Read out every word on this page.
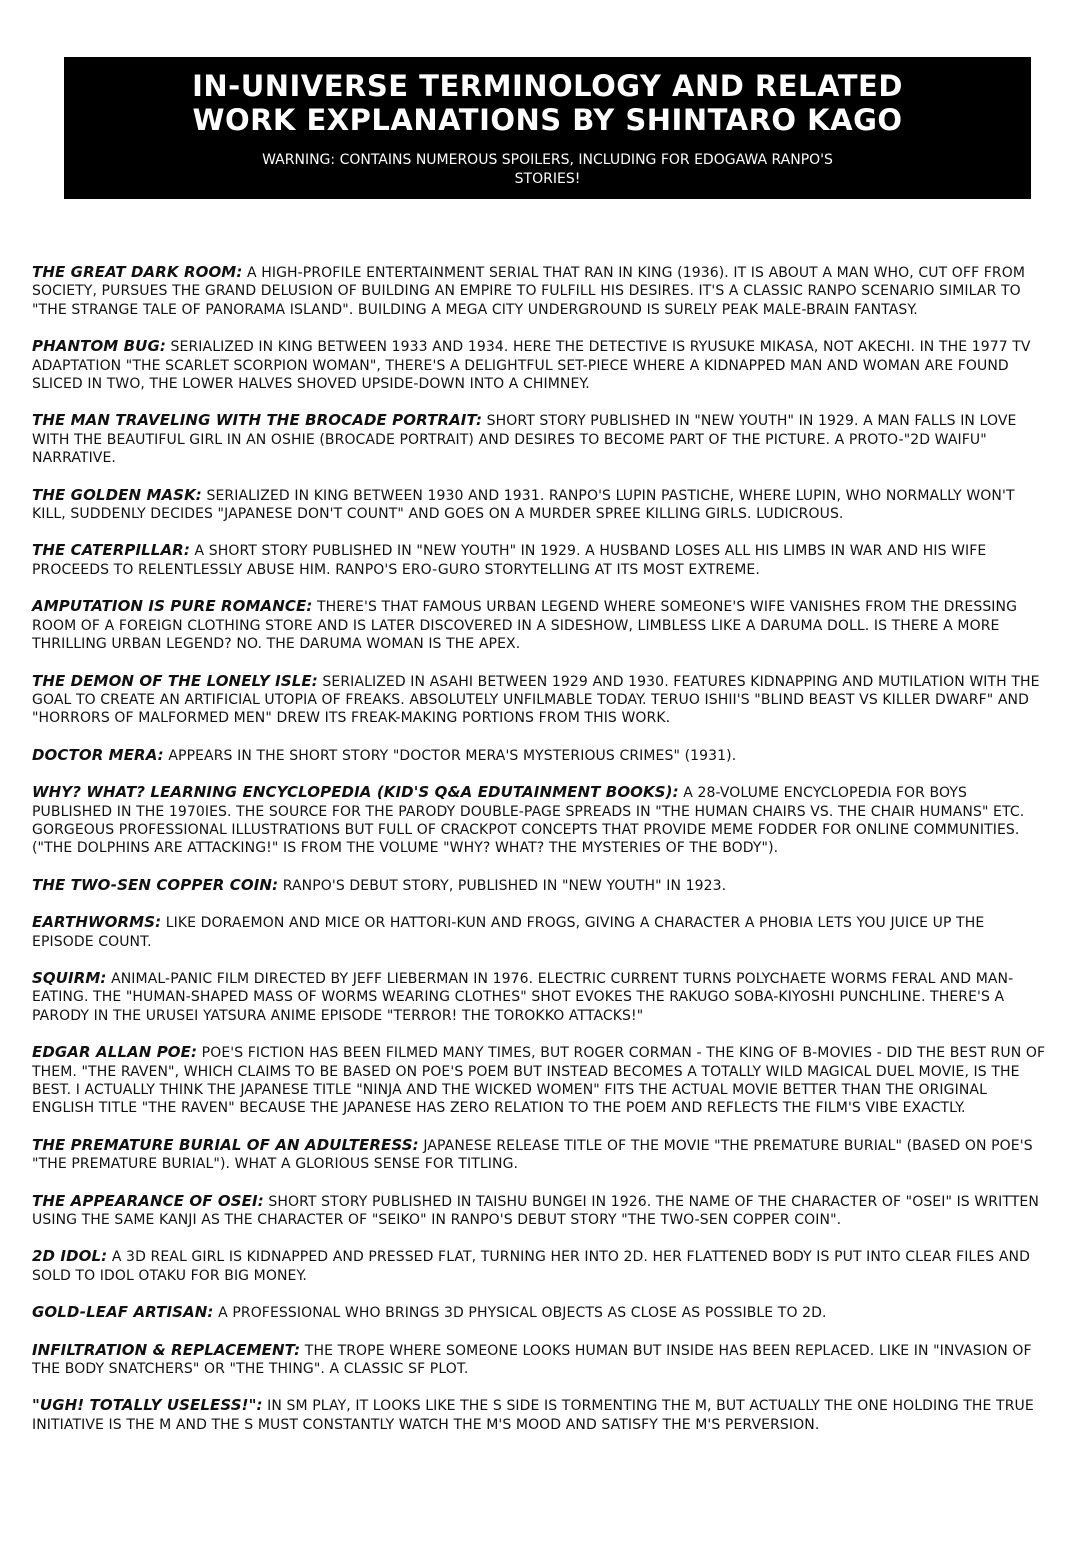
IN-UNIVERSE TERMINOLOGY AND RELATED
WORK EXPLANATIONS BY SHINTARO KAGO

WARNING: CONTAINS NUMEROUS SPOILERS, INCLUDING FOR EDOGAWA RANPO'S STORIES!

THE GREAT DARK ROOM: A HIGH-PROFILE ENTERTAINMENT SERIAL THAT RAN IN KING (1936). IT IS ABOUT A MAN WHO, CUT OFF FROM SOCIETY, PURSUES THE GRAND DELUSION OF BUILDING AN EMPIRE TO FULFILL HIS DESIRES. IT'S A CLASSIC RANPO SCENARIO SIMILAR TO "THE STRANGE TALE OF PANORAMA ISLAND". BUILDING A MEGA CITY UNDERGROUND IS SURELY PEAK MALE-BRAIN FANTASY.

PHANTOM BUG: SERIALIZED IN KING BETWEEN 1933 AND 1934. HERE THE DETECTIVE IS RYUSUKE MIKASA, NOT AKECHI. IN THE 1977 TV ADAPTATION "THE SCARLET SCORPION WOMAN", THERE'S A DELIGHTFUL SET-PIECE WHERE A KIDNAPPED MAN AND WOMAN ARE FOUND SLICED IN TWO, THE LOWER HALVES SHOVED UPSIDE-DOWN INTO A CHIMNEY.

THE MAN TRAVELING WITH THE BROCADE PORTRAIT: SHORT STORY PUBLISHED IN "NEW YOUTH" IN 1929. A MAN FALLS IN LOVE WITH THE BEAUTIFUL GIRL IN AN OSHIE (BROCADE PORTRAIT) AND DESIRES TO BECOME PART OF THE PICTURE. A PROTO-"2D WAIFU" NARRATIVE.

THE GOLDEN MASK: SERIALIZED IN KING BETWEEN 1930 AND 1931. RANPO'S LUPIN PASTICHE, WHERE LUPIN, WHO NORMALLY WON'T KILL, SUDDENLY DECIDES "JAPANESE DON'T COUNT" AND GOES ON A MURDER SPREE KILLING GIRLS. LUDICROUS.

THE CATERPILLAR: A SHORT STORY PUBLISHED IN "NEW YOUTH" IN 1929. A HUSBAND LOSES ALL HIS LIMBS IN WAR AND HIS WIFE PROCEEDS TO RELENTLESSLY ABUSE HIM. RANPO'S ERO-GURO STORYTELLING AT ITS MOST EXTREME.

AMPUTATION IS PURE ROMANCE: THERE'S THAT FAMOUS URBAN LEGEND WHERE SOMEONE'S WIFE VANISHES FROM THE DRESSING ROOM OF A FOREIGN CLOTHING STORE AND IS LATER DISCOVERED IN A SIDESHOW, LIMBLESS LIKE A DARUMA DOLL. IS THERE A MORE THRILLING URBAN LEGEND? NO. THE DARUMA WOMAN IS THE APEX.

THE DEMON OF THE LONELY ISLE: SERIALIZED IN ASAHI BETWEEN 1929 AND 1930. FEATURES KIDNAPPING AND MUTILATION WITH THE GOAL TO CREATE AN ARTIFICIAL UTOPIA OF FREAKS. ABSOLUTELY UNFILMABLE TODAY. TERUO ISHII'S "BLIND BEAST VS KILLER DWARF" AND "HORRORS OF MALFORMED MEN" DREW ITS FREAK-MAKING PORTIONS FROM THIS WORK.

DOCTOR MERA: APPEARS IN THE SHORT STORY "DOCTOR MERA'S MYSTERIOUS CRIMES" (1931).

WHY? WHAT? LEARNING ENCYCLOPEDIA (KID'S Q&A EDUTAINMENT BOOKS): A 28-VOLUME ENCYCLOPEDIA FOR BOYS PUBLISHED IN THE 1970IES. THE SOURCE FOR THE PARODY DOUBLE-PAGE SPREADS IN "THE HUMAN CHAIRS VS. THE CHAIR HUMANS" ETC. GORGEOUS PROFESSIONAL ILLUSTRATIONS BUT FULL OF CRACKPOT CONCEPTS THAT PROVIDE MEME FODDER FOR ONLINE COMMUNITIES. ("THE DOLPHINS ARE ATTACKING!" IS FROM THE VOLUME "WHY? WHAT? THE MYSTERIES OF THE BODY").

THE TWO-SEN COPPER COIN: RANPO'S DEBUT STORY, PUBLISHED IN "NEW YOUTH" IN 1923.

EARTHWORMS: LIKE DORAEMON AND MICE OR HATTORI-KUN AND FROGS, GIVING A CHARACTER A PHOBIA LETS YOU JUICE UP THE EPISODE COUNT.

SQUIRM: ANIMAL-PANIC FILM DIRECTED BY JEFF LIEBERMAN IN 1976. ELECTRIC CURRENT TURNS POLYCHAETE WORMS FERAL AND MAN-EATING. THE "HUMAN-SHAPED MASS OF WORMS WEARING CLOTHES" SHOT EVOKES THE RAKUGO SOBA-KIYOSHI PUNCHLINE. THERE'S A PARODY IN THE URUSEI YATSURA ANIME EPISODE "TERROR! THE TOROKKO ATTACKS!"

EDGAR ALLAN POE: POE'S FICTION HAS BEEN FILMED MANY TIMES, BUT ROGER CORMAN - THE KING OF B-MOVIES - DID THE BEST RUN OF THEM. "THE RAVEN", WHICH CLAIMS TO BE BASED ON POE'S POEM BUT INSTEAD BECOMES A TOTALLY WILD MAGICAL DUEL MOVIE, IS THE BEST. I ACTUALLY THINK THE JAPANESE TITLE "NINJA AND THE WICKED WOMEN" FITS THE ACTUAL MOVIE BETTER THAN THE ORIGINAL ENGLISH TITLE "THE RAVEN" BECAUSE THE JAPANESE HAS ZERO RELATION TO THE POEM AND REFLECTS THE FILM'S VIBE EXACTLY.

THE PREMATURE BURIAL OF AN ADULTERESS: JAPANESE RELEASE TITLE OF THE MOVIE "THE PREMATURE BURIAL" (BASED ON POE'S "THE PREMATURE BURIAL"). WHAT A GLORIOUS SENSE FOR TITLING.

THE APPEARANCE OF OSEI: SHORT STORY PUBLISHED IN TAISHU BUNGEI IN 1926. THE NAME OF THE CHARACTER OF "OSEI" IS WRITTEN USING THE SAME KANJI AS THE CHARACTER OF "SEIKO" IN RANPO'S DEBUT STORY "THE TWO-SEN COPPER COIN".

2D IDOL: A 3D REAL GIRL IS KIDNAPPED AND PRESSED FLAT, TURNING HER INTO 2D. HER FLATTENED BODY IS PUT INTO CLEAR FILES AND SOLD TO IDOL OTAKU FOR BIG MONEY.

GOLD-LEAF ARTISAN: A PROFESSIONAL WHO BRINGS 3D PHYSICAL OBJECTS AS CLOSE AS POSSIBLE TO 2D.

INFILTRATION & REPLACEMENT: THE TROPE WHERE SOMEONE LOOKS HUMAN BUT INSIDE HAS BEEN REPLACED. LIKE IN "INVASION OF THE BODY SNATCHERS" OR "THE THING". A CLASSIC SF PLOT.

"UGH! TOTALLY USELESS!": IN SM PLAY, IT LOOKS LIKE THE S SIDE IS TORMENTING THE M, BUT ACTUALLY THE ONE HOLDING THE TRUE INITIATIVE IS THE M AND THE S MUST CONSTANTLY WATCH THE M'S MOOD AND SATISFY THE M'S PERVERSION.
